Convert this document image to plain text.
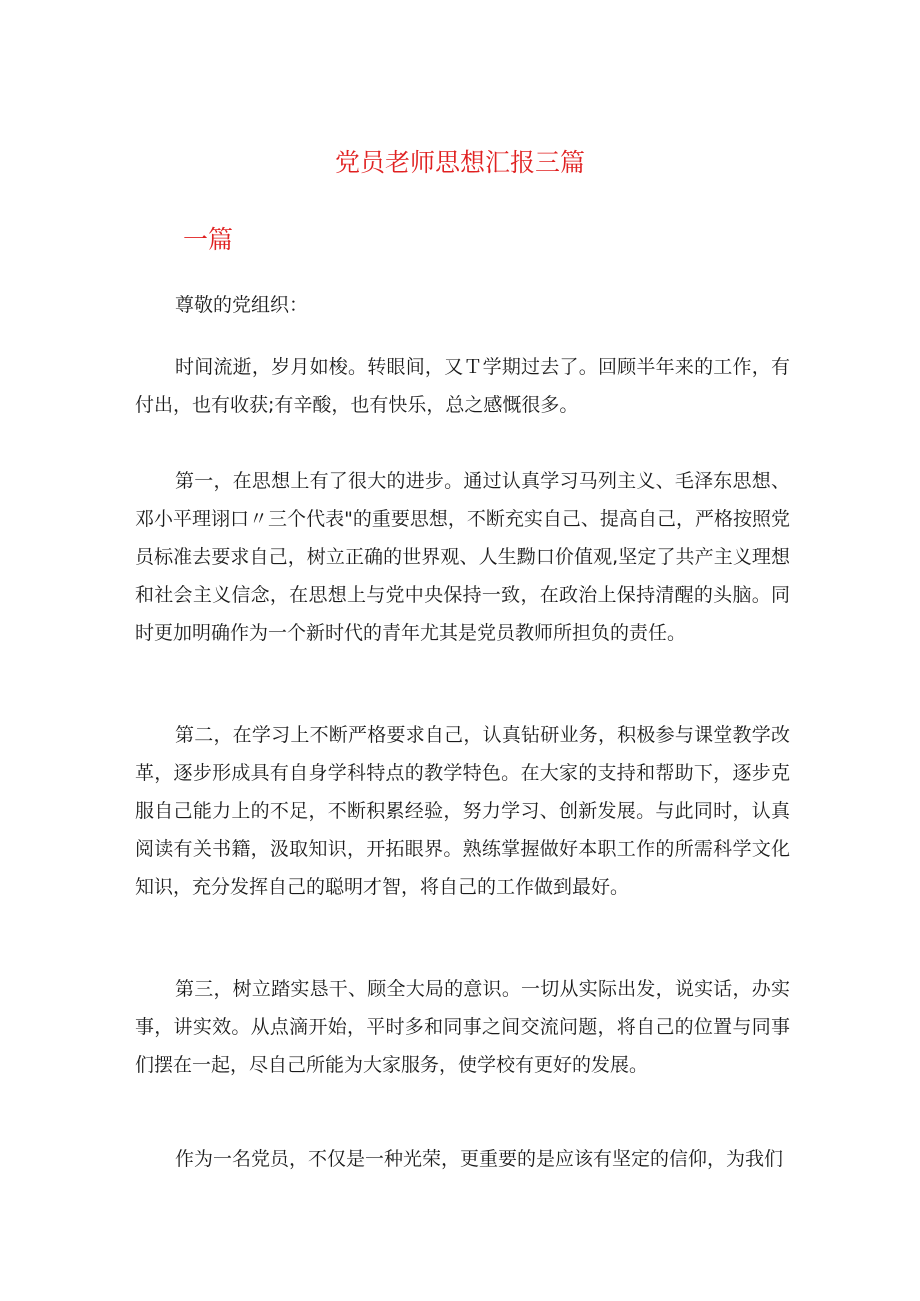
党员老师思想汇报三篇
一篇

尊敬的党组织：

时间流逝，岁月如梭。转眼间，又Ｔ学期过去了。回顾半年来的工作，有付出，也有收获;有辛酸，也有快乐，总之感慨很多。

第一，在思想上有了很大的进步。通过认真学习马列主义、毛泽东思想、邓小平理诩口〃三个代表"的重要思想，不断充实自己、提高自己，严格按照党员标准去要求自己，树立正确的世界观、人生黝口价值观,坚定了共产主义理想和社会主义信念，在思想上与党中央保持一致，在政治上保持清醒的头脑。同时更加明确作为一个新时代的青年尤其是党员教师所担负的责任。

第二，在学习上不断严格要求自己，认真钻研业务，积极参与课堂教学改革，逐步形成具有自身学科特点的教学特色。在大家的支持和帮助下，逐步克服自己能力上的不足，不断积累经验，努力学习、创新发展。与此同时，认真阅读有关书籍，汲取知识，开拓眼界。熟练掌握做好本职工作的所需科学文化知识，充分发挥自己的聪明才智，将自己的工作做到最好。

第三，树立踏实恳干、顾全大局的意识。一切从实际出发，说实话，办实事，讲实效。从点滴开始，平时多和同事之间交流问题，将自己的位置与同事们摆在一起，尽自己所能为大家服务，使学校有更好的发展。

作为一名党员，不仅是一种光荣，更重要的是应该有坚定的信仰，为我们
